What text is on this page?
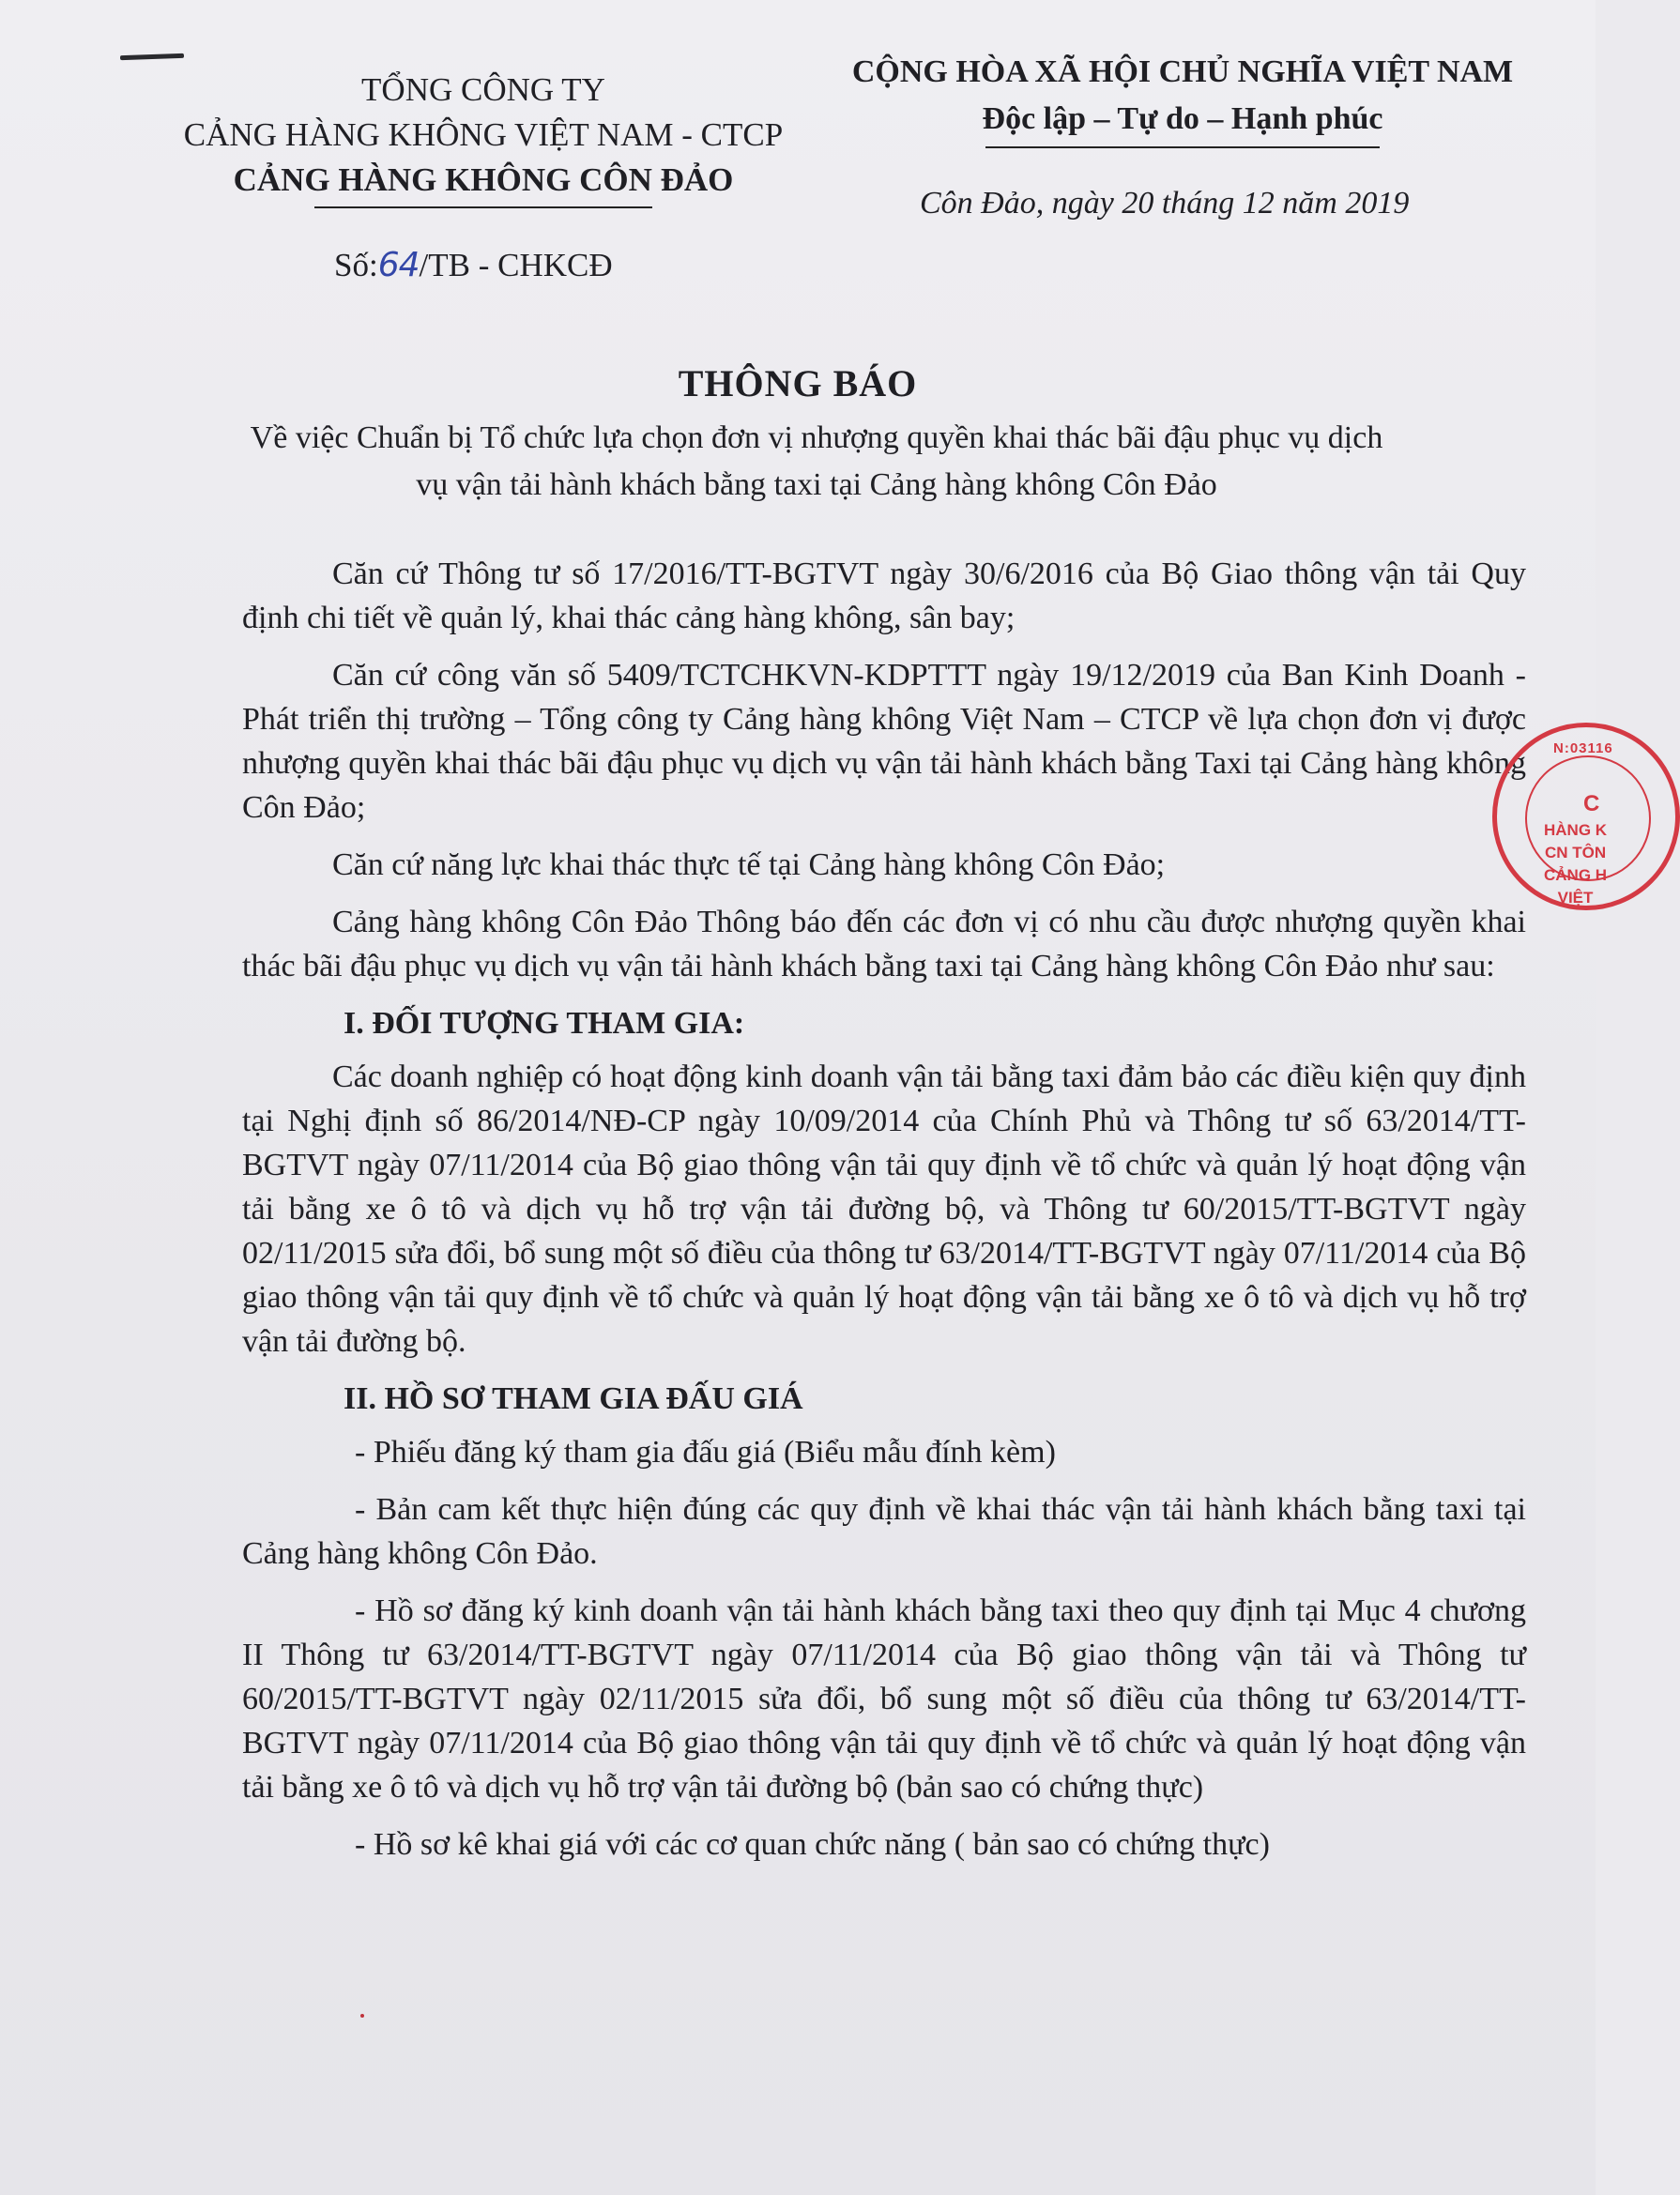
TỔNG CÔNG TY
CẢNG HÀNG KHÔNG VIỆT NAM - CTCP
CẢNG HÀNG KHÔNG CÔN ĐẢO
Số:64/TB - CHKCĐ
CỘNG HÒA XÃ HỘI CHỦ NGHĨA VIỆT NAM
Độc lập – Tự do – Hạnh phúc
Côn Đảo, ngày 20 tháng 12 năm 2019
THÔNG BÁO
Về việc Chuẩn bị Tổ chức lựa chọn đơn vị nhượng quyền khai thác bãi đậu phục vụ dịch vụ vận tải hành khách bằng taxi tại Cảng hàng không Côn Đảo

Căn cứ Thông tư số 17/2016/TT-BGTVT ngày 30/6/2016 của Bộ Giao thông vận tải Quy định chi tiết về quản lý, khai thác cảng hàng không, sân bay;

Căn cứ công văn số 5409/TCTCHKVN-KDPTTT ngày 19/12/2019 của Ban Kinh Doanh - Phát triển thị trường – Tổng công ty Cảng hàng không Việt Nam – CTCP về lựa chọn đơn vị được nhượng quyền khai thác bãi đậu phục vụ dịch vụ vận tải hành khách bằng Taxi tại Cảng hàng không Côn Đảo;

Căn cứ năng lực khai thác thực tế tại Cảng hàng không Côn Đảo;

Cảng hàng không Côn Đảo Thông báo đến các đơn vị có nhu cầu được nhượng quyền khai thác bãi đậu phục vụ dịch vụ vận tải hành khách bằng taxi tại Cảng hàng không Côn Đảo như sau:

I. ĐỐI TƯỢNG THAM GIA:

Các doanh nghiệp có hoạt động kinh doanh vận tải bằng taxi đảm bảo các điều kiện quy định tại Nghị định số 86/2014/NĐ-CP ngày 10/09/2014 của Chính Phủ và Thông tư số 63/2014/TT-BGTVT ngày 07/11/2014 của Bộ giao thông vận tải quy định về tổ chức và quản lý hoạt động vận tải bằng xe ô tô và dịch vụ hỗ trợ vận tải đường bộ, và Thông tư 60/2015/TT-BGTVT ngày 02/11/2015 sửa đổi, bổ sung một số điều của thông tư 63/2014/TT-BGTVT ngày 07/11/2014 của Bộ giao thông vận tải quy định về tổ chức và quản lý hoạt động vận tải bằng xe ô tô và dịch vụ hỗ trợ vận tải đường bộ.

II. HỒ SƠ THAM GIA ĐẤU GIÁ

- Phiếu đăng ký tham gia đấu giá (Biểu mẫu đính kèm)

- Bản cam kết thực hiện đúng các quy định về khai thác vận tải hành khách bằng taxi tại Cảng hàng không Côn Đảo.

- Hồ sơ đăng ký kinh doanh vận tải hành khách bằng taxi theo quy định tại Mục 4 chương II Thông tư 63/2014/TT-BGTVT ngày 07/11/2014 của Bộ giao thông vận tải và Thông tư 60/2015/TT-BGTVT ngày 02/11/2015 sửa đổi, bổ sung một số điều của thông tư 63/2014/TT-BGTVT ngày 07/11/2014 của Bộ giao thông vận tải quy định về tổ chức và quản lý hoạt động vận tải bằng xe ô tô và dịch vụ hỗ trợ vận tải đường bộ (bản sao có chứng thực)

- Hồ sơ kê khai giá với các cơ quan chức năng ( bản sao có chứng thực)

N:03116
C
HÀNG K
CN TÔN
CẢNG H
VIỆT
